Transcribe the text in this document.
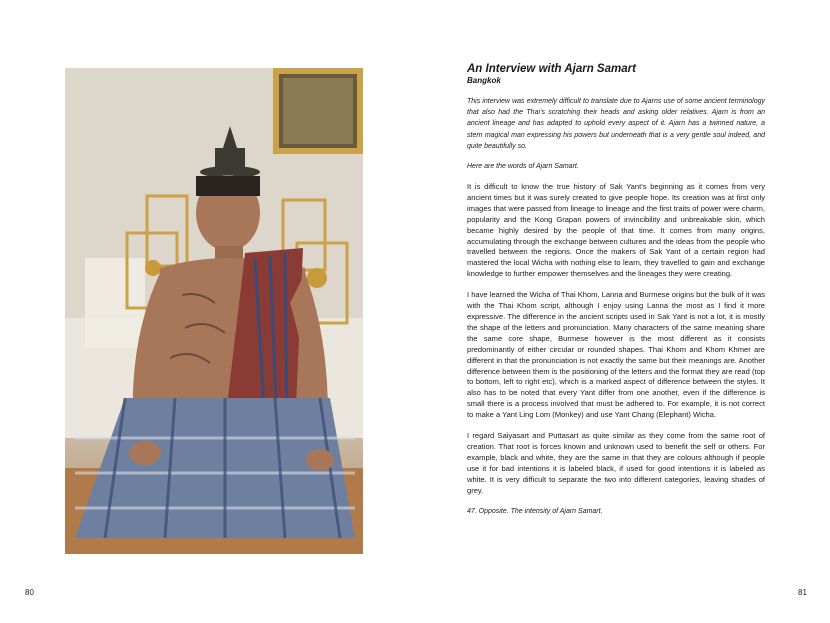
An Interview with Ajarn Samart

Bangkok

This interview was extremely difficult to translate due to Ajarns use of some ancient terminology that also had the Thai’s scratching their heads and asking older relatives. Ajarn is from an ancient lineage and has adapted to uphold every aspect of it. Ajarn has a twinned nature, a stern magical man expressing his powers but underneath that is a very gentle soul indeed, and quite beautifully so.

Here are the words of Ajarn Samart.

It is difficult to know the true history of Sak Yant’s beginning as it comes from very ancient times but it was surely created to give people hope. Its creation was at first only images that were passed from lineage to lineage and the first traits of power were charm, popularity and the Kong Grapan powers of invincibility and unbreakable skin, which became highly desired by the people of that time. It comes from many origins, accumulating through the exchange between cultures and the ideas from the people who travelled between the regions. Once the makers of Sak Yant of a certain region had mastered the local Wicha with nothing else to learn, they travelled to gain and exchange knowledge to further empower themselves and the lineages they were creating.

I have learned the Wicha of Thai Khom, Lanna and Burmese origins but the bulk of it was with the Thai Khom script, although I enjoy using Lanna the most as I find it more expressive. The difference in the ancient scripts used in Sak Yant is not a lot, it is mostly the shape of the letters and pronunciation. Many characters of the same meaning share the same core shape, Burmese however is the most different as it consists predominantly of either circular or rounded shapes. Thai Khom and Khom Khmer are different in that the pronunciation is not exactly the same but their meanings are. Another difference between them is the positioning of the letters and the format they are read (top to bottom, left to right etc), which is a marked aspect of difference between the styles. It also has to be noted that every Yant differ from one another, even if the difference is small there is a process involved that must be adhered to. For example, it is not correct to make a Yant Ling Lom (Monkey) and use Yant Chang (Elephant) Wicha.

I regard Saiyasart and Puttasart as quite similar as they come from the same root of creation. That root is forces known and unknown used to benefit the self or others. For example, black and white, they are the same in that they are colours although if people use it for bad intentions it is labeled black, if used for good intentions it is labeled as white. It is very difficult to separate the two into different categories, leaving shades of grey.

47. Opposite. The intensity of Ajarn Samart.

80	81
